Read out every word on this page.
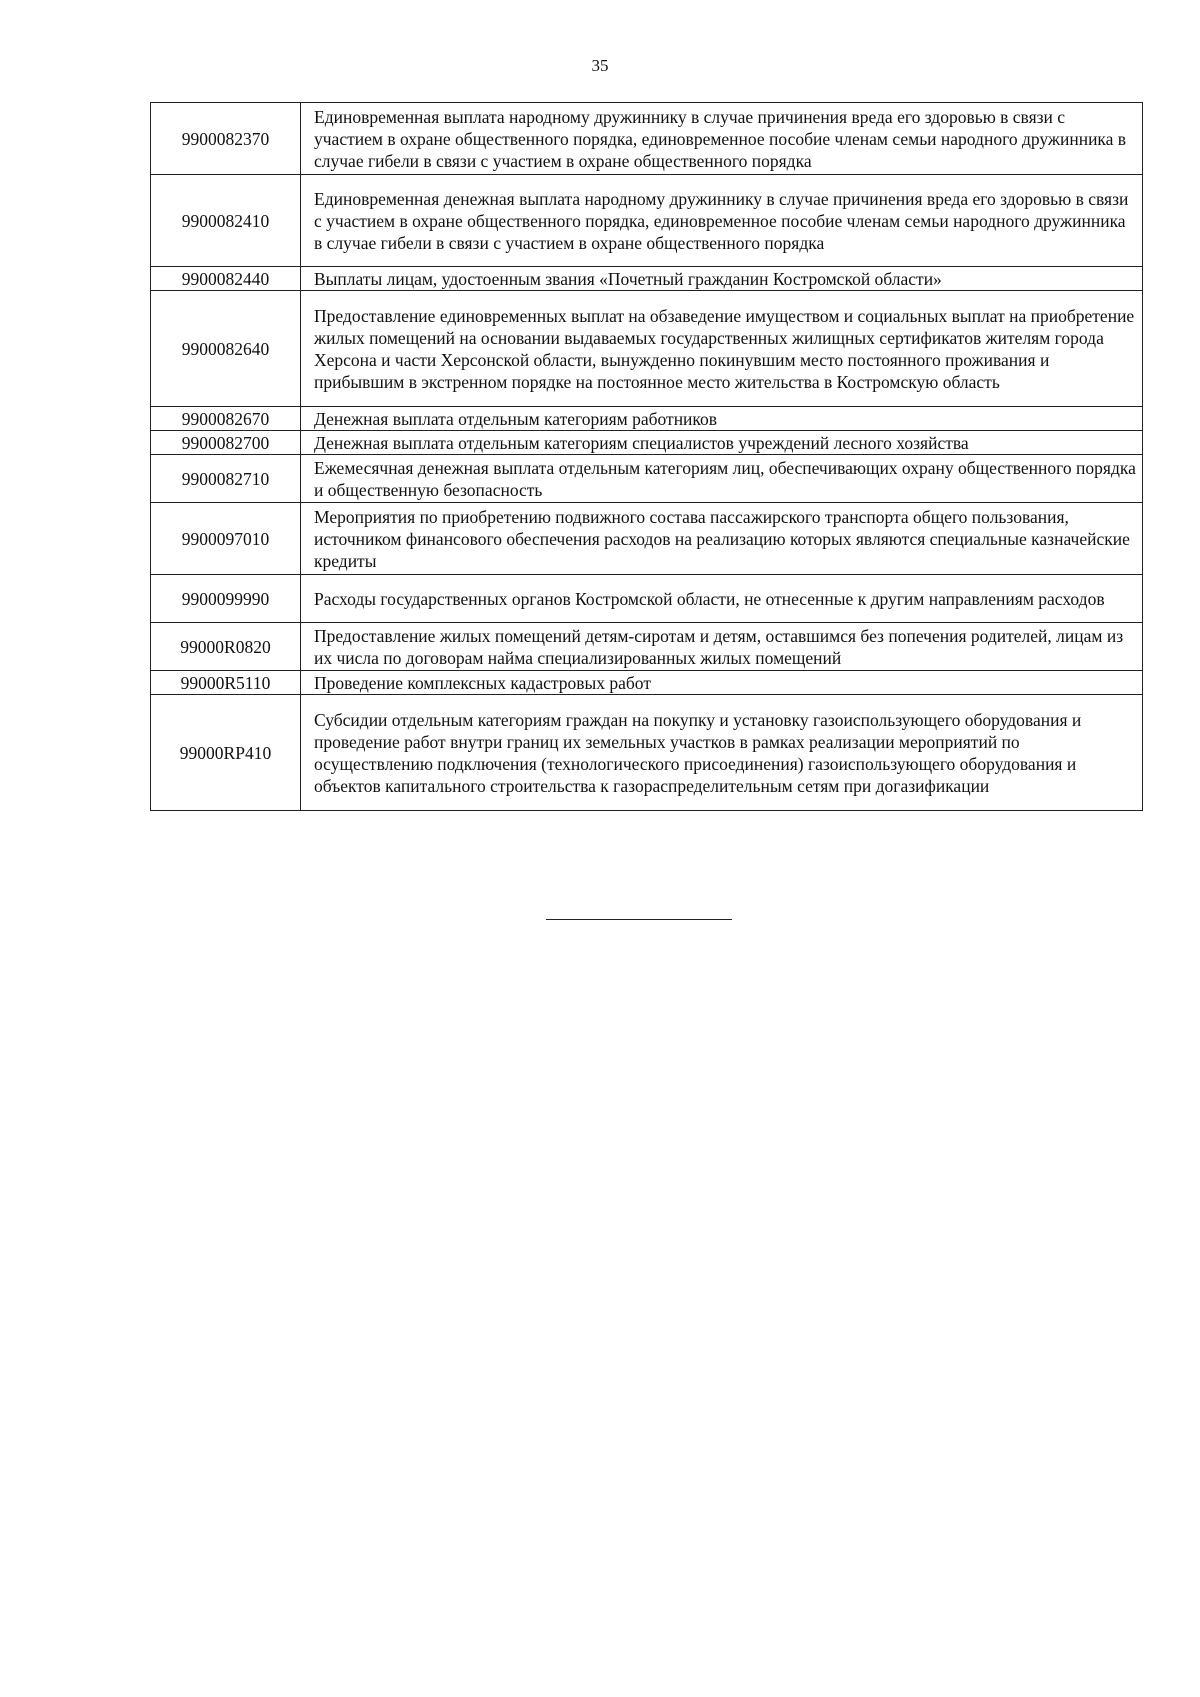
35
9900082370	Единовременная выплата народному дружиннику в случае причинения вреда его здоровью в связи с участием в охране общественного порядка, единовременное пособие членам семьи народного дружинника в случае гибели в связи с участием в охране общественного порядка
9900082410	Единовременная денежная выплата народному дружиннику в случае причинения вреда его здоровью в связи с участием в охране общественного порядка, единовременное пособие членам семьи народного дружинника в случае гибели в связи с участием в охране общественного порядка
9900082440	Выплаты лицам, удостоенным звания «Почетный гражданин Костромской области»
9900082640	Предоставление единовременных выплат на обзаведение имуществом и социальных выплат на приобретение жилых помещений на основании выдаваемых государственных жилищных сертификатов жителям города Херсона и части Херсонской области, вынужденно покинувшим место постоянного проживания и прибывшим в экстренном порядке на постоянное место жительства в Костромскую область
9900082670	Денежная выплата отдельным категориям работников
9900082700	Денежная выплата отдельным категориям специалистов учреждений лесного хозяйства
9900082710	Ежемесячная денежная выплата отдельным категориям лиц, обеспечивающих охрану общественного порядка и общественную безопасность
9900097010	Мероприятия по приобретению подвижного состава пассажирского транспорта общего пользования, источником финансового обеспечения расходов на реализацию которых являются специальные казначейские кредиты
9900099990	Расходы государственных органов Костромской области, не отнесенные к другим направлениям расходов
99000R0820	Предоставление жилых помещений детям-сиротам и детям, оставшимся без попечения родителей, лицам из их числа по договорам найма специализированных жилых помещений
99000R5110	Проведение комплексных кадастровых работ
99000RP410	Субсидии отдельным категориям граждан на покупку и установку газоиспользующего оборудования и проведение работ внутри границ их земельных участков в рамках реализации мероприятий по осуществлению подключения (технологического присоединения) газоиспользующего оборудования и объектов капитального строительства к газораспределительным сетям при догазификации
